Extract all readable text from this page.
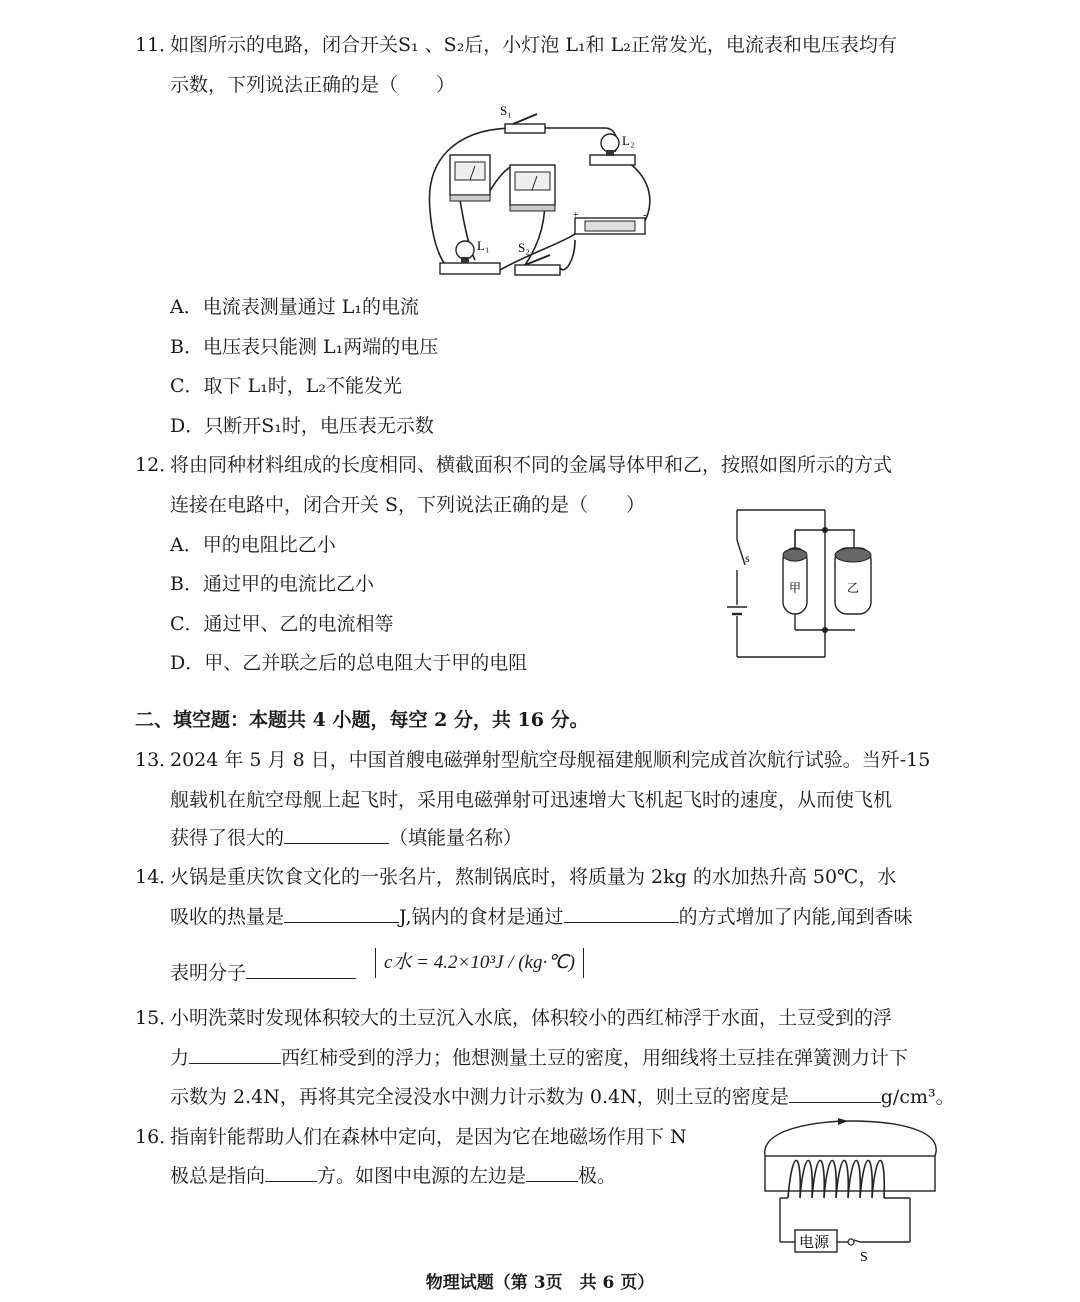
11．
如图所示的电路，闭合开关S₁ 、S₂后，小灯泡 L₁和 L₂正常发光，电流表和电压表均有
示数，下列说法正确的是（　　）
S₁
L₂
+	-
L₁ S₂
A．电流表测量通过 L₁的电流
B．电压表只能测 L₁两端的电压
C．取下 L₁时，L₂不能发光
D．只断开S₁时，电压表无示数
12．
将由同种材料组成的长度相同、横截面积不同的金属导体甲和乙，按照如图所示的方式
连接在电路中，闭合开关 S，下列说法正确的是（　　）
A．甲的电阻比乙小
B．通过甲的电流比乙小
C．通过甲、乙的电流相等
D．甲、乙并联之后的总电阻大于甲的电阻
s
甲	乙
二、填空题：本题共 4 小题，每空 2 分，共 16 分。
13．
2024 年 5 月 8 日，中国首艘电磁弹射型航空母舰福建舰顺利完成首次航行试验。当歼-15
舰载机在航空母舰上起飞时，采用电磁弹射可迅速增大飞机起飞时的速度，从而使飞机
获得了很大的	（填能量名称）
14．
火锅是重庆饮食文化的一张名片，熬制锅底时，将质量为 2kg 的水加热升高 50℃，水
吸收的热量是	J,锅内的食材是通过	的方式增加了内能,闻到香味
表明分子	c水 = 4.2×10³J / (kg·℃)
15．
小明洗菜时发现体积较大的土豆沉入水底，体积较小的西红柿浮于水面，土豆受到的浮
力	西红柿受到的浮力；他想测量土豆的密度，用细线将土豆挂在弹簧测力计下
示数为 2.4N，再将其完全浸没水中测力计示数为 0.4N，则土豆的密度是	g/cm³。
16．
指南针能帮助人们在森林中定向，是因为它在地磁场作用下 N
极总是指向	方。如图中电源的左边是	极。
电源
S
物理试题（第 3页　共 6 页）
